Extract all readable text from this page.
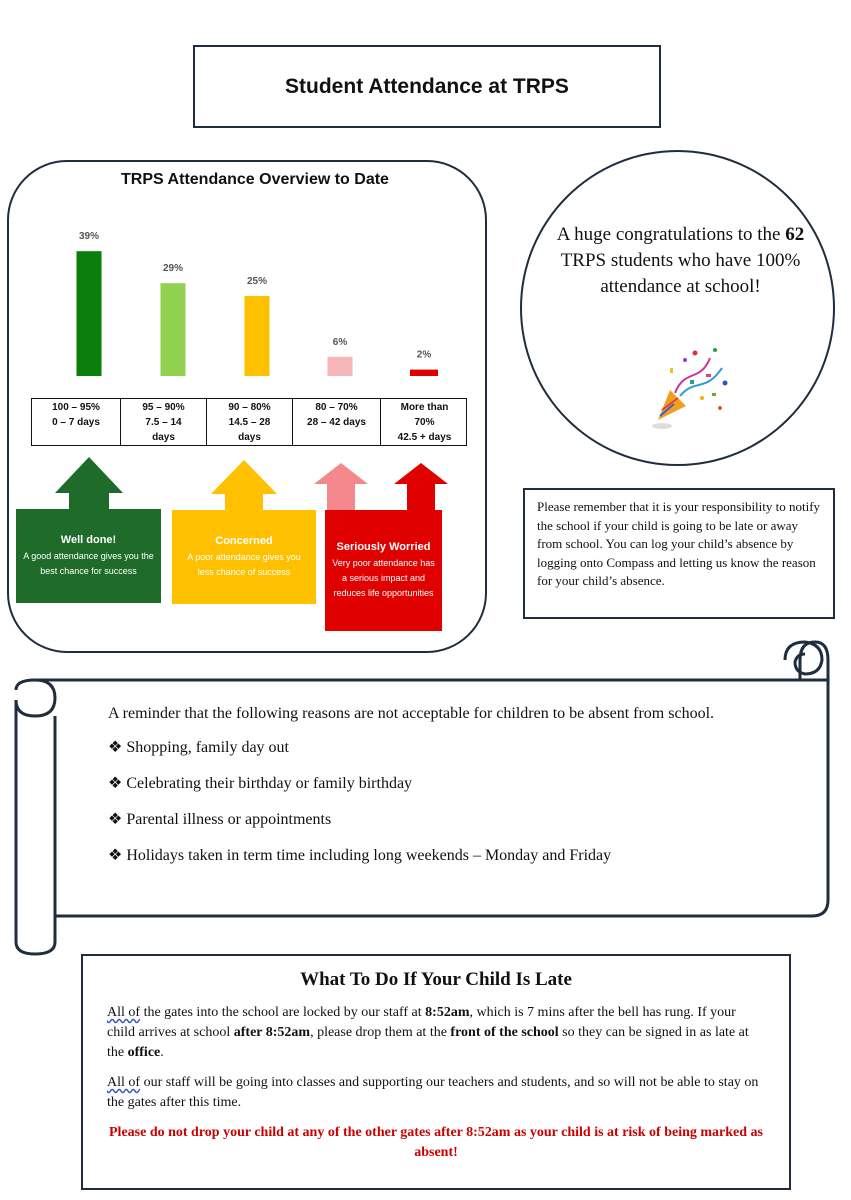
Student Attendance at TRPS
TRPS Attendance Overview to Date
39%
29%
25%
6%
2%
100 – 95%
0 – 7 days
95 – 90%
7.5 – 14
days
90 – 80%
14.5 – 28
days
80 – 70%
28 – 42 days
More than
70%
42.5 + days
Well done!
A good attendance gives you the best chance for success
Concerned
A poor attendance gives you less chance of success
Seriously Worried
Very poor attendance has a serious impact and reduces life opportunities
A huge congratulations to the 62 TRPS students who have 100% attendance at school!
Please remember that it is your responsibility to notify the school if your child is going to be late or away from school. You can log your child’s absence by logging onto Compass and letting us know the reason for your child’s absence.

A reminder that the following reasons are not acceptable for children to be absent from school.

❖ Shopping, family day out

❖ Celebrating their birthday or family birthday

❖ Parental illness or appointments

❖ Holidays taken in term time including long weekends – Monday and Friday

What To Do If Your Child Is Late

All of the gates into the school are locked by our staff at 8:52am, which is 7 mins after the bell has rung. If your child arrives at school after 8:52am, please drop them at the front of the school so they can be signed in as late at the office.

All of our staff will be going into classes and supporting our teachers and students, and so will not be able to stay on the gates after this time.

Please do not drop your child at any of the other gates after 8:52am as your child is at risk of being marked as absent!
